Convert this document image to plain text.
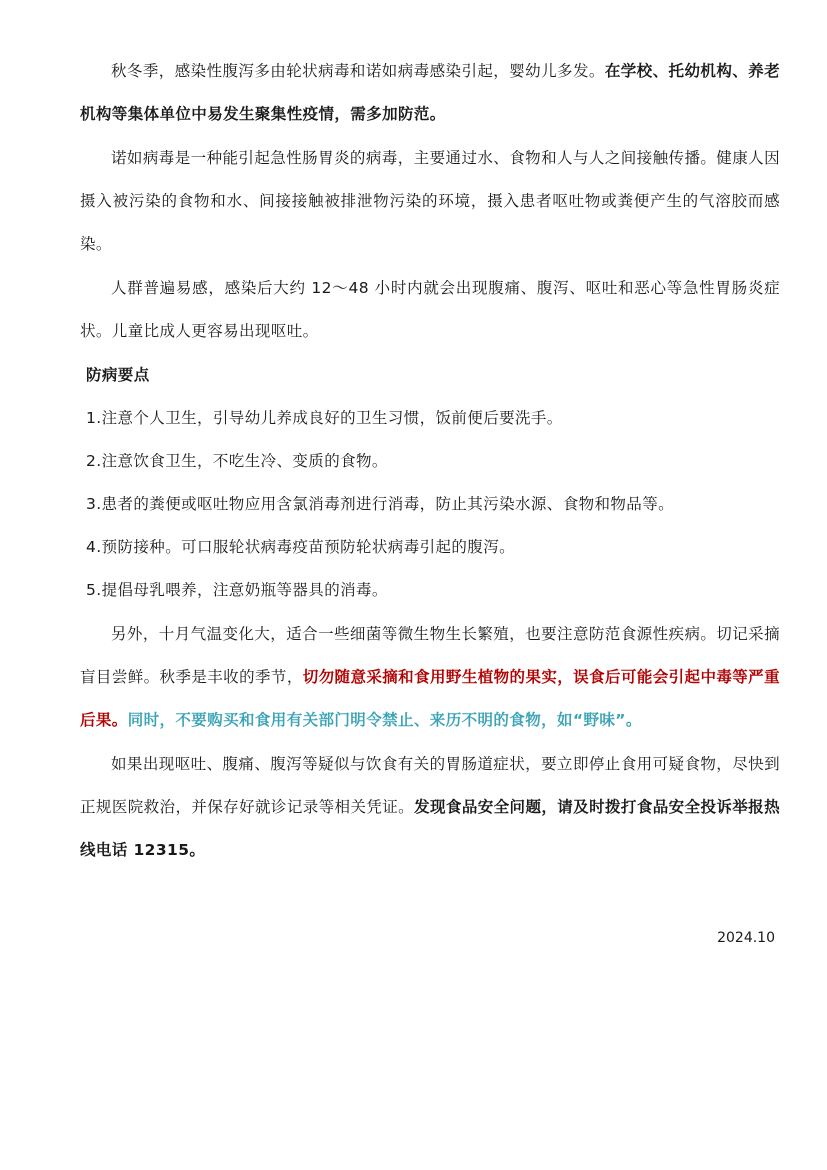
秋冬季，感染性腹泻多由轮状病毒和诺如病毒感染引起，婴幼儿多发。在学校、托幼机构、养老机构等集体单位中易发生聚集性疫情，需多加防范。

诺如病毒是一种能引起急性肠胃炎的病毒，主要通过水、食物和人与人之间接触传播。健康人因摄入被污染的食物和水、间接接触被排泄物污染的环境，摄入患者呕吐物或粪便产生的气溶胶而感染。

人群普遍易感，感染后大约 12～48 小时内就会出现腹痛、腹泻、呕吐和恶心等急性胃肠炎症状。儿童比成人更容易出现呕吐。

防病要点

1.注意个人卫生，引导幼儿养成良好的卫生习惯，饭前便后要洗手。

2.注意饮食卫生，不吃生冷、变质的食物。

3.患者的粪便或呕吐物应用含氯消毒剂进行消毒，防止其污染水源、食物和物品等。

4.预防接种。可口服轮状病毒疫苗预防轮状病毒引起的腹泻。

5.提倡母乳喂养，注意奶瓶等器具的消毒。

另外，十月气温变化大，适合一些细菌等微生物生长繁殖，也要注意防范食源性疾病。切记采摘盲目尝鲜。秋季是丰收的季节，切勿随意采摘和食用野生植物的果实，误食后可能会引起中毒等严重后果。同时，不要购买和食用有关部门明令禁止、来历不明的食物，如“野味”。

如果出现呕吐、腹痛、腹泻等疑似与饮食有关的胃肠道症状，要立即停止食用可疑食物，尽快到正规医院救治，并保存好就诊记录等相关凭证。发现食品安全问题，请及时拨打食品安全投诉举报热线电话 12315。

2024.10
